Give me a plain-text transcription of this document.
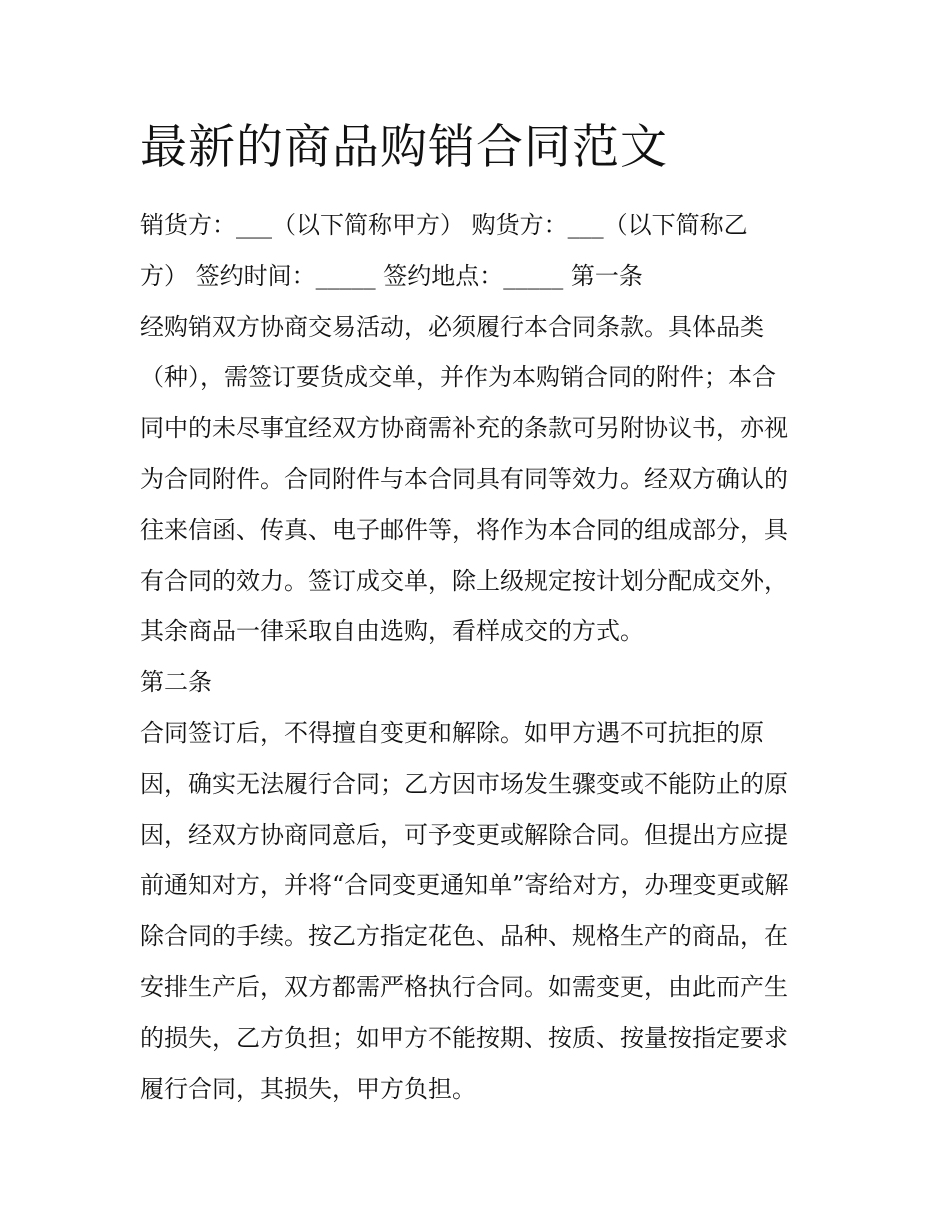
最新的商品购销合同范文
销货方：___（以下简称甲方） 购货方：___（以下简称乙
方） 签约时间：_____ 签约地点：_____ 第一条
经购销双方协商交易活动，必须履行本合同条款。具体品类
（种），需签订要货成交单，并作为本购销合同的附件；本合
同中的未尽事宜经双方协商需补充的条款可另附协议书，亦视
为合同附件。合同附件与本合同具有同等效力。经双方确认的
往来信函、传真、电子邮件等，将作为本合同的组成部分，具
有合同的效力。签订成交单，除上级规定按计划分配成交外，
其余商品一律采取自由选购，看样成交的方式。
第二条
合同签订后，不得擅自变更和解除。如甲方遇不可抗拒的原
因，确实无法履行合同；乙方因市场发生骤变或不能防止的原
因，经双方协商同意后，可予变更或解除合同。但提出方应提
前通知对方，并将“合同变更通知单”寄给对方，办理变更或解
除合同的手续。按乙方指定花色、品种、规格生产的商品，在
安排生产后，双方都需严格执行合同。如需变更，由此而产生
的损失，乙方负担；如甲方不能按期、按质、按量按指定要求
履行合同，其损失，甲方负担。
